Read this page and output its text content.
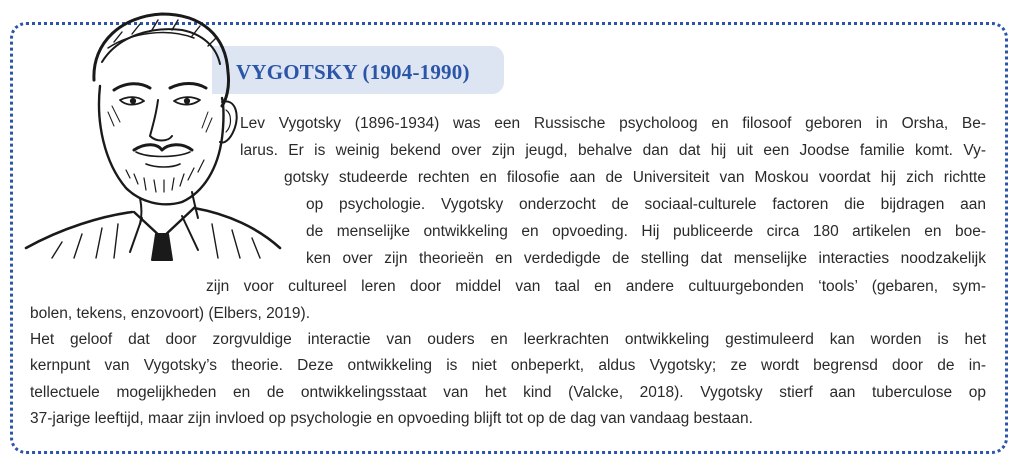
VYGOTSKY (1904-1990)

Lev Vygotsky (1896-1934) was een Russische psycholoog en filosoof geboren in Orsha, Be-

larus. Er is weinig bekend over zijn jeugd, behalve dan dat hij uit een Joodse familie komt. Vy-

gotsky studeerde rechten en filosofie aan de Universiteit van Moskou voordat hij zich richtte

op psychologie. Vygotsky onderzocht de sociaal-culturele factoren die bijdragen aan

de menselijke ontwikkeling en opvoeding. Hij publiceerde circa 180 artikelen en boe-

ken over zijn theorieën en verdedigde de stelling dat menselijke interacties noodzakelijk

zijn voor cultureel leren door middel van taal en andere cultuurgebonden ‘tools’ (gebaren, sym-

bolen, tekens, enzovoort) (Elbers, 2019).

Het geloof dat door zorgvuldige interactie van ouders en leerkrachten ontwikkeling gestimuleerd kan worden is het

kernpunt van Vygotsky’s theorie. Deze ontwikkeling is niet onbeperkt, aldus Vygotsky; ze wordt begrensd door de in-

tellectuele mogelijkheden en de ontwikkelingsstaat van het kind (Valcke, 2018). Vygotsky stierf aan tuberculose op

37-jarige leeftijd, maar zijn invloed op psychologie en opvoeding blijft tot op de dag van vandaag bestaan.
